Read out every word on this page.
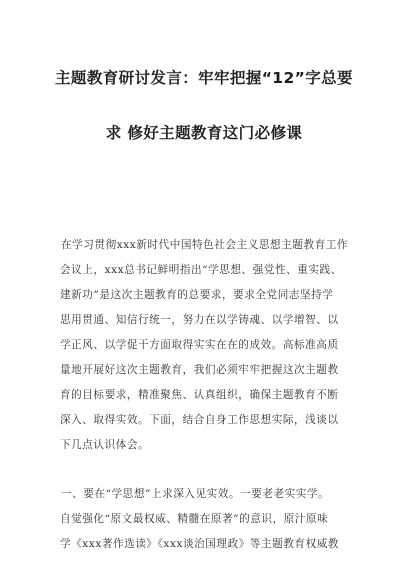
主题教育研讨发言：牢牢把握“12”字总要
求 修好主题教育这门必修课
在学习贯彻xxx新时代中国特色社会主义思想主题教育工作
会议上，xxx总书记鲜明指出“学思想、强党性、重实践、
建新功”是这次主题教育的总要求，要求全党同志坚持学
思用贯通、知信行统一，努力在以学铸魂、以学增智、以
学正风、以学促干方面取得实实在在的成效。高标准高质
量地开展好这次主题教育，我们必须牢牢把握这次主题教
育的目标要求，精准聚焦、认真组织，确保主题教育不断
深入、取得实效。下面，结合自身工作思想实际，浅谈以
下几点认识体会。
一、要在“学思想”上求深入见实效。一要老老实实学。
自觉强化“原文最权威、精髓在原著”的意识，原汁原味
学《xxx著作选读》《xxx谈治国理政》等主题教育权威教
